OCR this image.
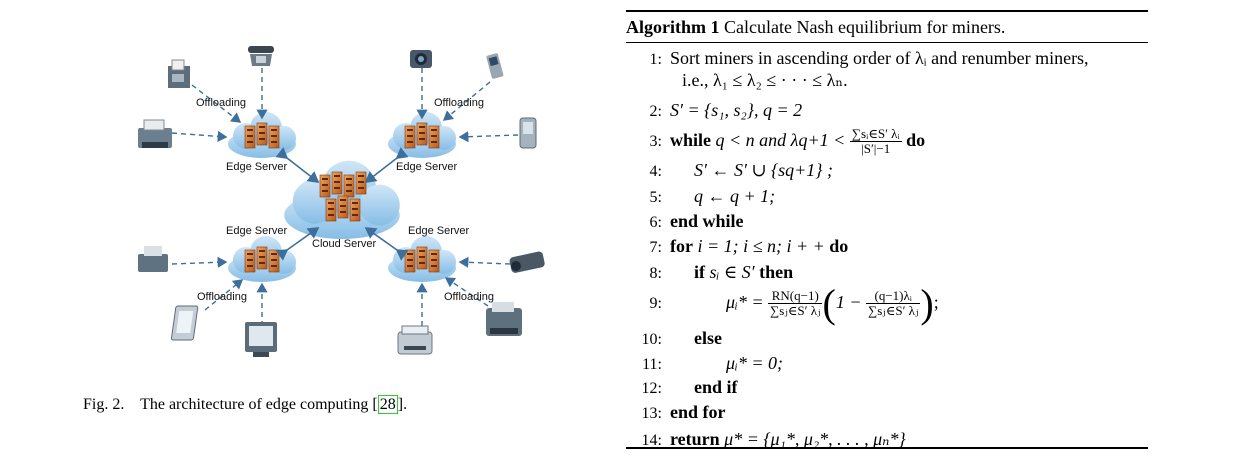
Offloading	Offloading
Offloading	Offloading
Edge Server	Edge Server
Edge Server	Edge Server
Cloud Server
Fig. 2. The architecture of edge computing [ 28 ].
Algorithm 1 Calculate Nash equilibrium for miners.
1: Sort miners in ascending order of λᵢ and renumber miners,
i.e., λ₁ ≤ λ₂ ≤ · · · ≤ λₙ.
2: S′ = {s₁, s₂}, q = 2
3: while q < n and $\lambda q+1 < \frac{\text{∑sᵢ∈S′ λᵢ}}{|S'|-1}$ do
4: S′ ← S′ ∪ {sq+1} ;
5: q ← q + 1;
6: end while
7: for i = 1; i ≤ n; i + + do
8: if sᵢ ∈ S′ then
9:	μᵢ* = $\frac{RN(q-1)}{\text{∑sⱼ∈S′ λⱼ}} (1 - \frac{\text{(q−1)λᵢ}}{\text{∑sⱼ∈S′ λⱼ}}$ );
10: else
11:	μᵢ* = 0;
12: end if
13: end for
14: return μ* = {μ₁*, μ₂*, . . . , μₙ*}
